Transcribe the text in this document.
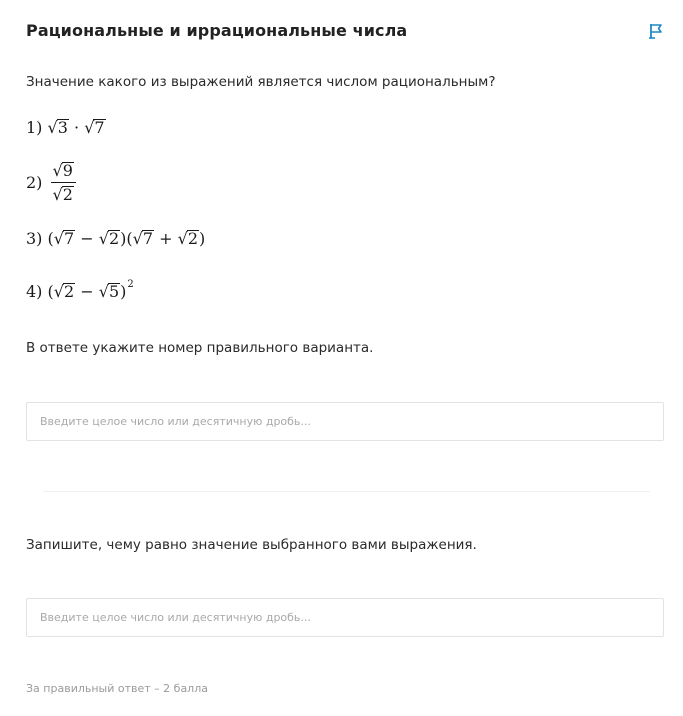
Рациональные и иррациональные числа
Значение какого из выражений является числом рациональным?
1) √3 · √7
$2) \frac{√9}{√2}$
3) (√7 − √2)(√7 + √2)
4) $(√2 - √5)^2$
В ответе укажите номер правильного варианта.
Введите целое число или десятичную дробь...
Запишите, чему равно значение выбранного вами выражения.
Введите целое число или десятичную дробь...
За правильный ответ – 2 балла
